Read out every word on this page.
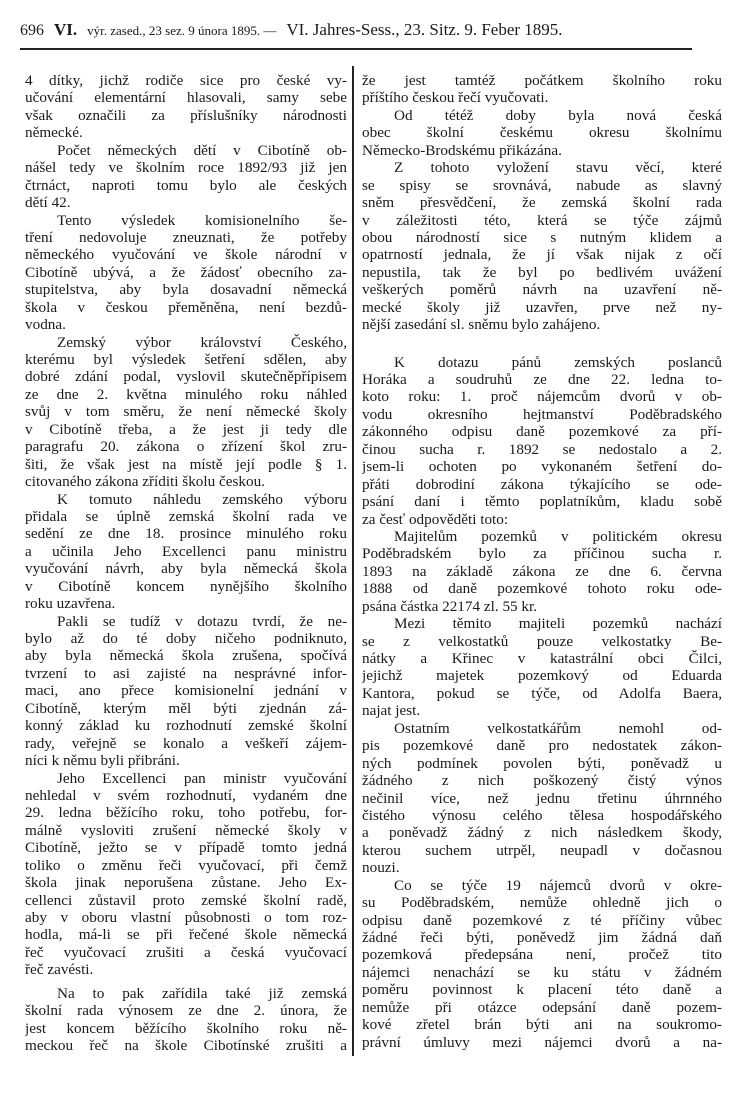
696 VI. výr. zased., 23 sez. 9 února 1895. — VI. Jahres-Sess., 23. Sitz. 9. Feber 1895.
4 dítky, jichž rodiče sice pro české vy-
učování elementární hlasovali, samy sebe
však označili za příslušníky národnosti
německé.
Počet německých dětí v Cibotíně ob-
nášel tedy ve školním roce 1892/93 již jen
čtrnáct, naproti tomu bylo ale českých
dětí 42.
Tento výsledek komisionelního še-
tření nedovoluje zneuznati, že potřeby
německého vyučování ve škole národní v
Cibotíně ubývá, a že žádosť obecního za-
stupitelstva, aby byla dosavadní německá
škola v českou přeměněna, není bezdů-
vodna.
Zemský výbor království Českého,
kterému byl výsledek šetření sdělen, aby
dobré zdání podal, vyslovil skutečněpřípisem
ze dne 2. května minulého roku náhled
svůj v tom směru, že není německé školy
v Cibotíně třeba, a že jest ji tedy dle
paragrafu 20. zákona o zřízení škol zru-
šiti, že však jest na místě její podle § 1.
citovaného zákona zříditi školu českou.
K tomuto náhledu zemského výboru
přidala se úplně zemská školní rada ve
sedění ze dne 18. prosince minulého roku
a učinila Jeho Excellenci panu ministru
vyučování návrh, aby byla německá škola
v Cibotíně koncem nynějšího školního
roku uzavřena.
Pakli se tudíž v dotazu tvrdí, že ne-
bylo až do té doby ničeho podniknuto,
aby byla německá škola zrušena, spočívá
tvrzení to asi zajisté na nesprávné infor-
maci, ano přece komisionelní jednání v
Cibotíně, kterým měl býti zjednán zá-
konný základ ku rozhodnutí zemské školní
rady, veřejně se konalo a veškeří zájem-
níci k němu byli přibráni.
Jeho Excellenci pan ministr vyučování
nehledal v svém rozhodnutí, vydaném dne
29. ledna běžícího roku, toho potřebu, for-
málně vysloviti zrušení německé školy v
Cibotíně, ježto se v případě tomto jedná
toliko o změnu řeči vyučovací, při čemž
škola jinak neporušena zůstane. Jeho Ex-
cellenci zůstavil proto zemské školní radě,
aby v oboru vlastní působnosti o tom roz-
hodla, má-li se při řečené škole německá
řeč vyučovací zrušiti a česká vyučovací
řeč zavésti.
Na to pak zařídila také již zemská
školní rada výnosem ze dne 2. února, že
jest koncem běžícího školního roku ně-
meckou řeč na škole Cibotínské zrušiti a
že jest tamtéž počátkem školního roku
příštího českou řečí vyučovati.
Od tétéž doby byla nová česká
obec školní českému okresu školnímu
Německo-Brodskému přikázána.
Z tohoto vyložení stavu věcí, které
se spisy se srovnává, nabude as slavný
sněm přesvědčení, že zemská školní rada
v záležitosti této, která se týče zájmů
obou národností sice s nutným klidem a
opatrností jednala, že jí však nijak z očí
nepustila, tak že byl po bedlivém uvážení
veškerých poměrů návrh na uzavření ně-
mecké školy již uzavřen, prve než ny-
nější zasedání sl. sněmu bylo zahájeno.
K dotazu pánů zemských poslanců
Horáka a soudruhů ze dne 22. ledna to-
koto roku: 1. proč nájemcům dvorů v ob-
vodu okresního hejtmanství Poděbradského
zákonného odpisu daně pozemkové za pří-
činou sucha r. 1892 se nedostalo a 2.
jsem-li ochoten po vykonaném šetření do-
přáti dobrodiní zákona týkajícího se ode-
psání daní i těmto poplatníkům, kladu sobě
za česť odpověděti toto:
Majitelům pozemků v politickém okresu
Poděbradském bylo za příčinou sucha r.
1893 na základě zákona ze dne 6. června
1888 od daně pozemkové tohoto roku ode-
psána částka 22174 zl. 55 kr.
Mezi těmito majiteli pozemků nachází
se z velkostatků pouze velkostatky Be-
nátky a Křinec v katastrální obci Čilci,
jejichž majetek pozemkový od Eduarda
Kantora, pokud se týče, od Adolfa Baera,
najat jest.
Ostatním velkostatkářům nemohl od-
pis pozemkové daně pro nedostatek zákon-
ných podmínek povolen býti, poněvadž u
žádného z nich poškozený čistý výnos
nečinil více, než jednu třetinu úhrnného
čistého výnosu celého tělesa hospodářského
a poněvadž žádný z nich následkem škody,
kterou suchem utrpěl, neupadl v dočasnou
nouzi.
Co se týče 19 nájemců dvorů v okre-
su Poděbradském, nemůže ohledně jich o
odpisu daně pozemkové z té příčiny vůbec
žádné řeči býti, poněvedž jim žádná daň
pozemková předepsána není, pročež tito
nájemci nenachází se ku státu v žádném
poměru povinnost k placení této daně a
nemůže při otázce odepsání daně pozem-
kové zřetel brán býti ani na soukromo-
právní úmluvy mezi nájemci dvorů a na-
